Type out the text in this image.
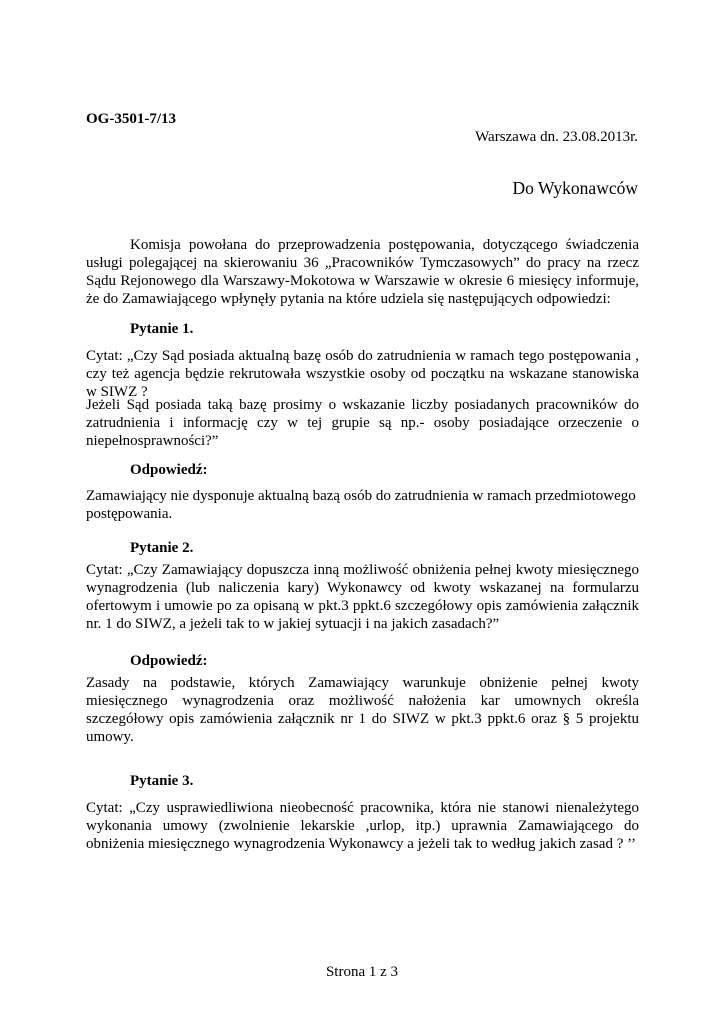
OG-3501-7/13

Warszawa dn. 23.08.2013r.

Do Wykonawców

Komisja powołana do przeprowadzenia postępowania, dotyczącego świadczenia usługi polegającej na skierowaniu 36 „Pracowników Tymczasowych” do pracy na rzecz Sądu Rejonowego dla Warszawy-Mokotowa w Warszawie w okresie 6 miesięcy informuje, że do Zamawiającego wpłynęły pytania na które udziela się następujących odpowiedzi:

Pytanie 1.

Cytat: „Czy Sąd posiada aktualną bazę osób do zatrudnienia w ramach tego postępowania , czy też agencja będzie rekrutowała wszystkie osoby od początku na wskazane stanowiska w SIWZ ?

Jeżeli Sąd posiada taką bazę prosimy o wskazanie liczby posiadanych pracowników do zatrudnienia i informację czy w tej grupie są np.- osoby posiadające orzeczenie o niepełnosprawności?”

Odpowiedź:

Zamawiający nie dysponuje aktualną bazą osób do zatrudnienia w ramach przedmiotowego postępowania.

Pytanie 2.

Cytat: „Czy Zamawiający dopuszcza inną możliwość obniżenia pełnej kwoty miesięcznego wynagrodzenia (lub naliczenia kary) Wykonawcy od kwoty wskazanej na formularzu ofertowym i umowie po za opisaną w pkt.3 ppkt.6 szczegółowy opis zamówienia załącznik nr. 1 do SIWZ, a jeżeli tak to w jakiej sytuacji i na jakich zasadach?”

Odpowiedź:

Zasady na podstawie, których Zamawiający warunkuje obniżenie pełnej kwoty miesięcznego wynagrodzenia oraz możliwość nałożenia kar umownych określa szczegółowy opis zamówienia załącznik nr 1 do SIWZ w pkt.3 ppkt.6 oraz § 5 projektu umowy.

Pytanie 3.

Cytat: „Czy usprawiedliwiona nieobecność pracownika, która nie stanowi nienależytego wykonania umowy (zwolnienie lekarskie ,urlop, itp.) uprawnia Zamawiającego do obniżenia miesięcznego wynagrodzenia Wykonawcy a jeżeli tak to według jakich zasad ? ’’

Strona 1 z 3
